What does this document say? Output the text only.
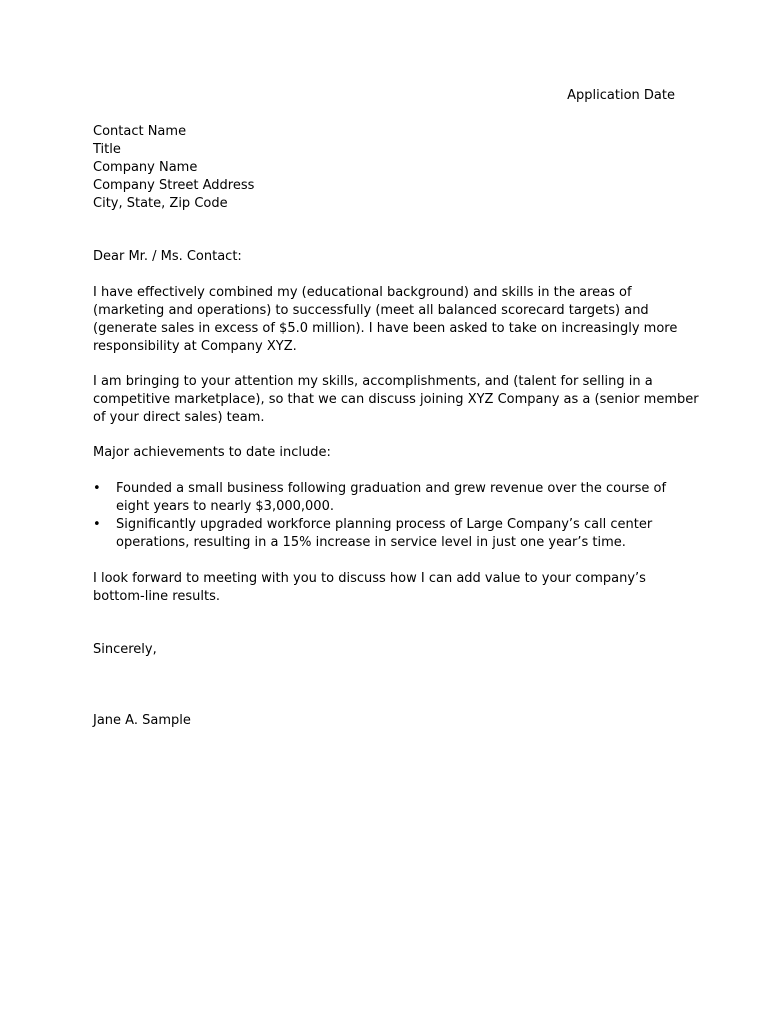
Application Date
Contact Name
Title
Company Name
Company Street Address
City, State, Zip Code
Dear Mr. / Ms. Contact:
I have effectively combined my (educational background) and skills in the areas of
(marketing and operations) to successfully (meet all balanced scorecard targets) and
(generate sales in excess of $5.0 million). I have been asked to take on increasingly more
responsibility at Company XYZ.
I am bringing to your attention my skills, accomplishments, and (talent for selling in a
competitive marketplace), so that we can discuss joining XYZ Company as a (senior member
of your direct sales) team.
Major achievements to date include:
• Founded a small business following graduation and grew revenue over the course of
eight years to nearly $3,000,000.
• Significantly upgraded workforce planning process of Large Company’s call center
operations, resulting in a 15% increase in service level in just one year’s time.
I look forward to meeting with you to discuss how I can add value to your company’s
bottom-line results.
Sincerely,
Jane A. Sample
